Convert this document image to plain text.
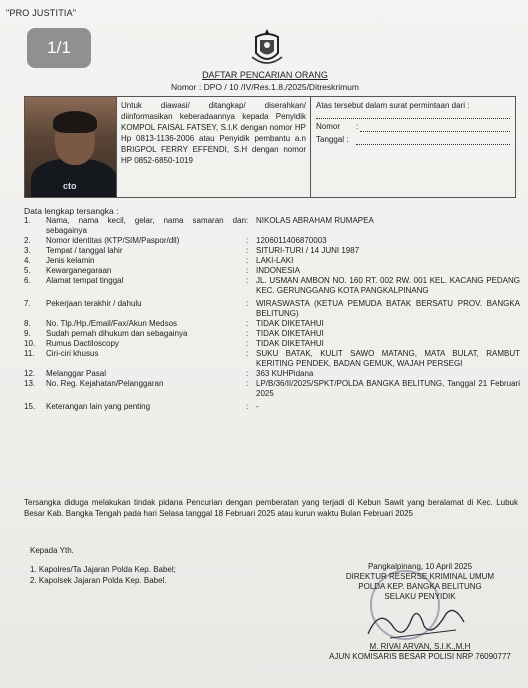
"PRO JUSTITIA"
1/1
DAFTAR PENCARIAN ORANG
Nomor : DPO / 10 /IV/Res.1.8./2025/Ditreskrimum
cto
Untuk diawasi/ ditangkap/ diserahkan/ diinformasikan keberadaannya kepada Penyidik KOMPOL FAISAL FATSEY, S.I.K dengan nomor HP Hp 0813-1136-2006 atau Penyidik pembantu a.n BRIGPOL FERRY EFFENDI, S.H dengan nomor HP 0852-6850-1019
Atas tersebut dalam surat permintaan dari :
Nomor	:
Tanggal :
Data lengkap tersangka :
1.	Nama, nama kecil, gelar, nama samaran dan sebagainya	:	NIKOLAS ABRAHAM RUMAPEA
2.	Nomor identitas (KTP/SIM/Paspor/dll)	:	1206011406870003
3.	Tempat / tanggal lahir	:	SITURI-TURI / 14 JUNI 1987
4.	Jenis kelamin	:	LAKI-LAKI
5.	Kewarganegaraan	:	INDONESIA
6.	Alamat tempat tinggal	:	JL. USMAN AMBON NO. 160 RT. 002 RW. 001 KEL. KACANG PEDANG KEC. GERUNGGANG KOTA PANGKALPINANG

7.	Pekerjaan terakhir / dahulu	:	WIRASWASTA (KETUA PEMUDA BATAK BERSATU PROV. BANGKA BELITUNG)
8.	No. Tlp./Hp./Email/Fax/Akun Medsos	:	TIDAK DIKETAHUI
9.	Sudah pernah dihukum dan sebagainya	:	TIDAK DIKETAHUI
10.	Rumus Dactiloscopy	:	TIDAK DIKETAHUI
11.	Ciri-ciri khusus	:	SUKU BATAK, KULIT SAWO MATANG, MATA BULAT, RAMBUT KERITING PENDEK, BADAN GEMUK, WAJAH PERSEGI
12.	Melanggar Pasal	:	363 KUHPidana
13.	No. Reg. Kejahatan/Pelanggaran	:	LP/B/36/II/2025/SPKT/POLDA BANGKA BELITUNG, Tanggal 21 Februari 2025

15.	Keterangan lain yang penting	:	-
Tersangka diduga melakukan tindak pidana Pencurian dengan pemberatan yang terjadi di Kebun Sawit yang beralamat di Kec. Lubuk Besar Kab. Bangka Tengah pada hari Selasa tanggal 18 Februari 2025 atau kurun waktu Bulan Februari 2025
Kepada Yth.
1. Kapolres/Ta Jajaran Polda Kep. Babel;
2. Kapolsek Jajaran Polda Kep. Babel.
Pangkalpinang, 10 April 2025
DIREKTUR RESERSE KRIMINAL UMUM
POLDA KEP. BANGKA BELITUNG
SELAKU PENYIDIK
M. RIVAI ARVAN, S.I.K.,M.H
AJUN KOMISARIS BESAR POLISI NRP 76090777
